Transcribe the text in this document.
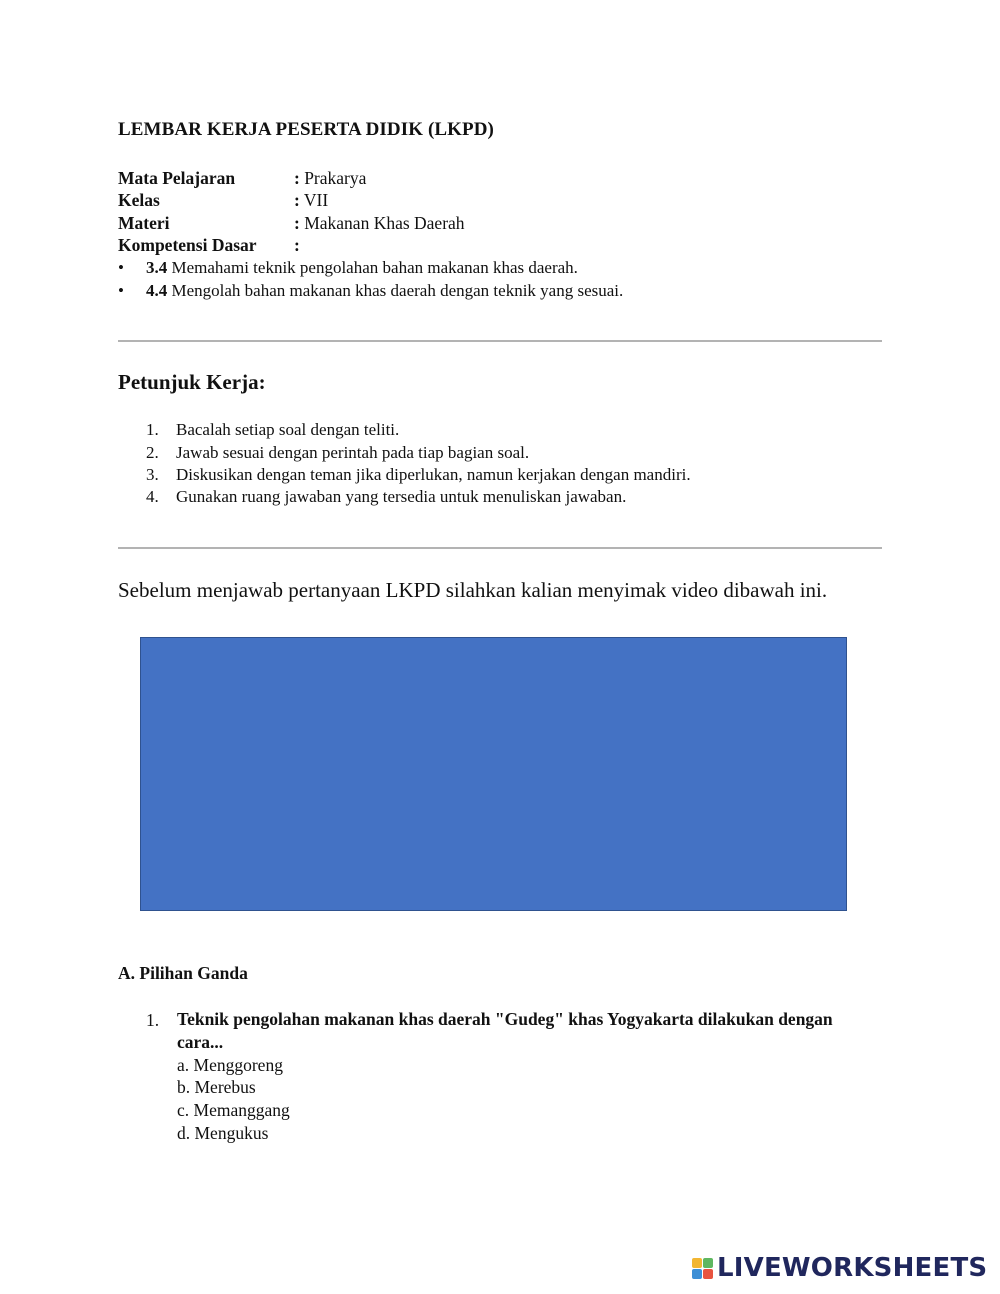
LEMBAR KERJA PESERTA DIDIK (LKPD)
Mata Pelajaran	: Prakarya
Kelas	: VII
Materi	: Makanan Khas Daerah
Kompetensi Dasar :
• 3.4 Memahami teknik pengolahan bahan makanan khas daerah.
• 4.4 Mengolah bahan makanan khas daerah dengan teknik yang sesuai.
Petunjuk Kerja:
1. Bacalah setiap soal dengan teliti.
2. Jawab sesuai dengan perintah pada tiap bagian soal.
3. Diskusikan dengan teman jika diperlukan, namun kerjakan dengan mandiri.
4. Gunakan ruang jawaban yang tersedia untuk menuliskan jawaban.
Sebelum menjawab pertanyaan LKPD silahkan kalian menyimak video dibawah ini.
A. Pilihan Ganda
1. Teknik pengolahan makanan khas daerah "Gudeg" khas Yogyakarta dilakukan dengan cara...
a. Menggoreng
b. Merebus
c. Memanggang
d. Mengukus
LIVEWORKSHEETS
